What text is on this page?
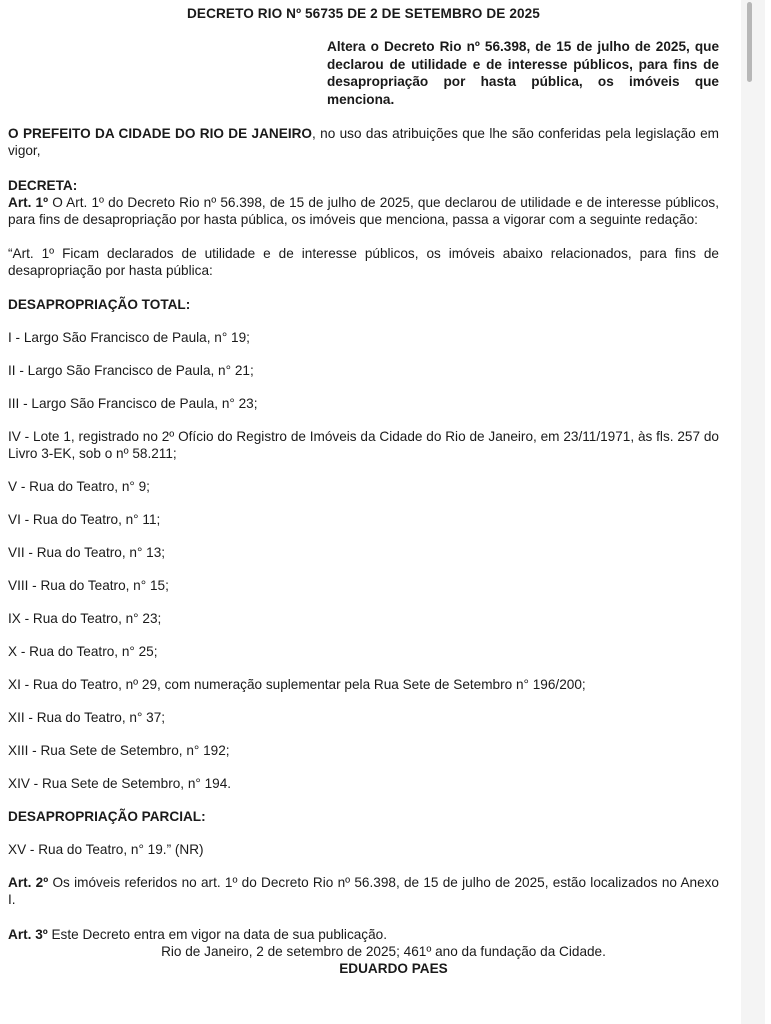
DECRETO RIO Nº 56735 DE 2 DE SETEMBRO DE 2025
Altera o Decreto Rio nº 56.398, de 15 de julho de 2025, que declarou de utilidade e de interesse públicos, para fins de desapropriação por hasta pública, os imóveis que menciona.

O PREFEITO DA CIDADE DO RIO DE JANEIRO, no uso das atribuições que lhe são conferidas pela legislação em vigor,

DECRETA:

Art. 1º O Art. 1º do Decreto Rio nº 56.398, de 15 de julho de 2025, que declarou de utilidade e de interesse públicos, para fins de desapropriação por hasta pública, os imóveis que menciona, passa a vigorar com a seguinte redação:

“Art. 1º Ficam declarados de utilidade e de interesse públicos, os imóveis abaixo relacionados, para fins de desapropriação por hasta pública:

DESAPROPRIAÇÃO TOTAL:

I - Largo São Francisco de Paula, n° 19;

II - Largo São Francisco de Paula, n° 21;

III - Largo São Francisco de Paula, n° 23;

IV - Lote 1, registrado no 2º Ofício do Registro de Imóveis da Cidade do Rio de Janeiro, em 23/11/1971, às fls. 257 do Livro 3-EK, sob o nº 58.211;

V - Rua do Teatro, n° 9;

VI - Rua do Teatro, n° 11;

VII - Rua do Teatro, n° 13;

VIII - Rua do Teatro, n° 15;

IX - Rua do Teatro, n° 23;

X - Rua do Teatro, n° 25;

XI - Rua do Teatro, nº 29, com numeração suplementar pela Rua Sete de Setembro n° 196/200;

XII - Rua do Teatro, n° 37;

XIII - Rua Sete de Setembro, n° 192;

XIV - Rua Sete de Setembro, n° 194.

DESAPROPRIAÇÃO PARCIAL:

XV - Rua do Teatro, n° 19.” (NR)

Art. 2º Os imóveis referidos no art. 1º do Decreto Rio nº 56.398, de 15 de julho de 2025, estão localizados no Anexo I.

Art. 3º Este Decreto entra em vigor na data de sua publicação.

Rio de Janeiro, 2 de setembro de 2025; 461º ano da fundação da Cidade.

EDUARDO PAES
